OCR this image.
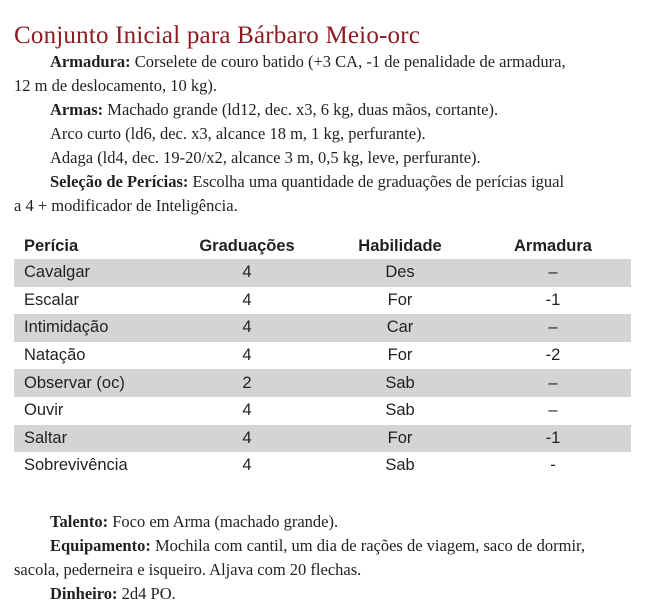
Conjunto Inicial para Bárbaro Meio-orc
Armadura: Corselete de couro batido (+3 CA, -1 de penalidade de armadura,
12 m de deslocamento, 10 kg).
Armas: Machado grande (ld12, dec. x3, 6 kg, duas mãos, cortante).
Arco curto (ld6, dec. x3, alcance 18 m, 1 kg, perfurante).
Adaga (ld4, dec. 19-20/x2, alcance 3 m, 0,5 kg, leve, perfurante).
Seleção de Perícias: Escolha uma quantidade de graduações de perícias igual
a 4 + modificador de Inteligência.
Perícia	Graduações	Habilidade	Armadura
Cavalgar	4	Des	–
Escalar	4	For	-1
Intimidação	4	Car	–
Natação	4	For	-2
Observar (oc)	2	Sab	–
Ouvir	4	Sab	–
Saltar	4	For	-1
Sobrevivência	4	Sab	-
Talento: Foco em Arma (machado grande).
Equipamento: Mochila com cantil, um dia de rações de viagem, saco de dormir,
sacola, pederneira e isqueiro. Aljava com 20 flechas.
Dinheiro: 2d4 PO.
